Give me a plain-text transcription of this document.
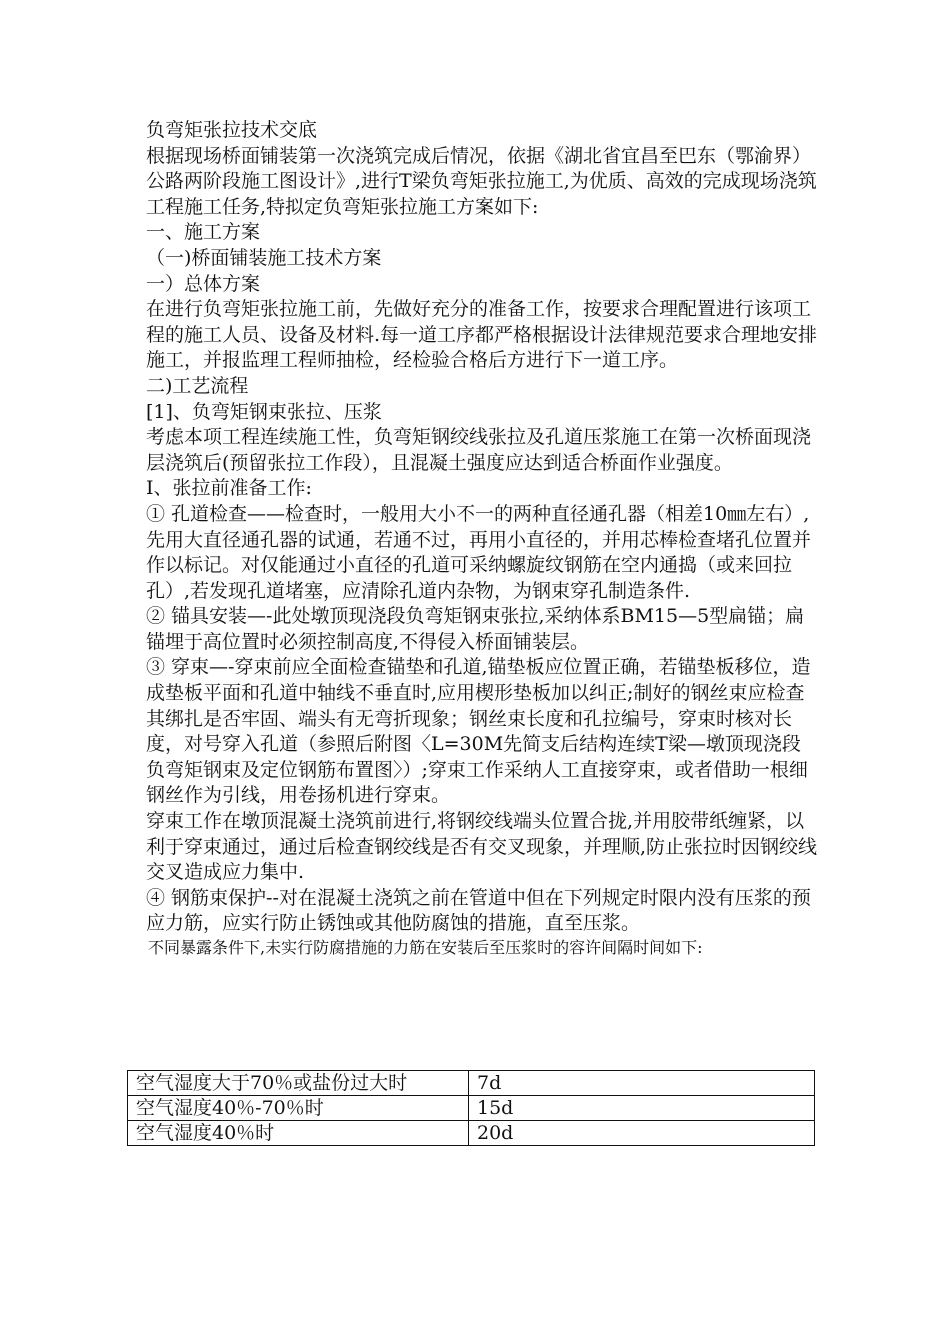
负弯矩张拉技术交底

根据现场桥面铺装第一次浇筑完成后情况，依据《湖北省宜昌至巴东（鄂渝界）公路两阶段施工图设计》,进行T梁负弯矩张拉施工,为优质、高效的完成现场浇筑工程施工任务,特拟定负弯矩张拉施工方案如下:

一、施工方案

（一)桥面铺装施工技术方案

一）总体方案

在进行负弯矩张拉施工前，先做好充分的准备工作，按要求合理配置进行该项工程的施工人员、设备及材料.每一道工序都严格根据设计法律规范要求合理地安排施工，并报监理工程师抽检，经检验合格后方进行下一道工序。

二)工艺流程

[1]、负弯矩钢束张拉、压浆

考虑本项工程连续施工性，负弯矩钢绞线张拉及孔道压浆施工在第一次桥面现浇层浇筑后(预留张拉工作段），且混凝土强度应达到适合桥面作业强度。

Ⅰ、张拉前准备工作:

① 孔道检查——检查时，一般用大小不一的两种直径通孔器（相差10㎜左右）,先用大直径通孔器的试通，若通不过，再用小直径的，并用芯棒检查堵孔位置并作以标记。对仅能通过小直径的孔道可采纳螺旋纹钢筋在空内通捣（或来回拉孔）,若发现孔道堵塞，应清除孔道内杂物，为钢束穿孔制造条件.

② 锚具安装—-此处墩顶现浇段负弯矩钢束张拉,采纳体系BM15—5型扁锚；扁锚埋于高位置时必须控制高度,不得侵入桥面铺装层。

③ 穿束—-穿束前应全面检查锚垫和孔道,锚垫板应位置正确，若锚垫板移位，造成垫板平面和孔道中轴线不垂直时,应用楔形垫板加以纠正;制好的钢丝束应检查其绑扎是否牢固、端头有无弯折现象；钢丝束长度和孔拉编号，穿束时核对长度，对号穿入孔道（参照后附图〈L=30M先简支后结构连续T梁—墩顶现浇段负弯矩钢束及定位钢筋布置图〉）;穿束工作采纳人工直接穿束，或者借助一根细钢丝作为引线，用卷扬机进行穿束。

穿束工作在墩顶混凝土浇筑前进行,将钢绞线端头位置合拢,并用胶带纸缠紧，以利于穿束通过，通过后检查钢绞线是否有交叉现象，并理顺,防止张拉时因钢绞线交叉造成应力集中.

④ 钢筋束保护--对在混凝土浇筑之前在管道中但在下列规定时限内没有压浆的预应力筋，应实行防止锈蚀或其他防腐蚀的措施，直至压浆。

不同暴露条件下,未实行防腐措施的力筋在安装后至压浆时的容许间隔时间如下:

空气湿度大于70％或盐份过大时	7d
空气湿度40％-70％时	15d
空气湿度40％时	20d
